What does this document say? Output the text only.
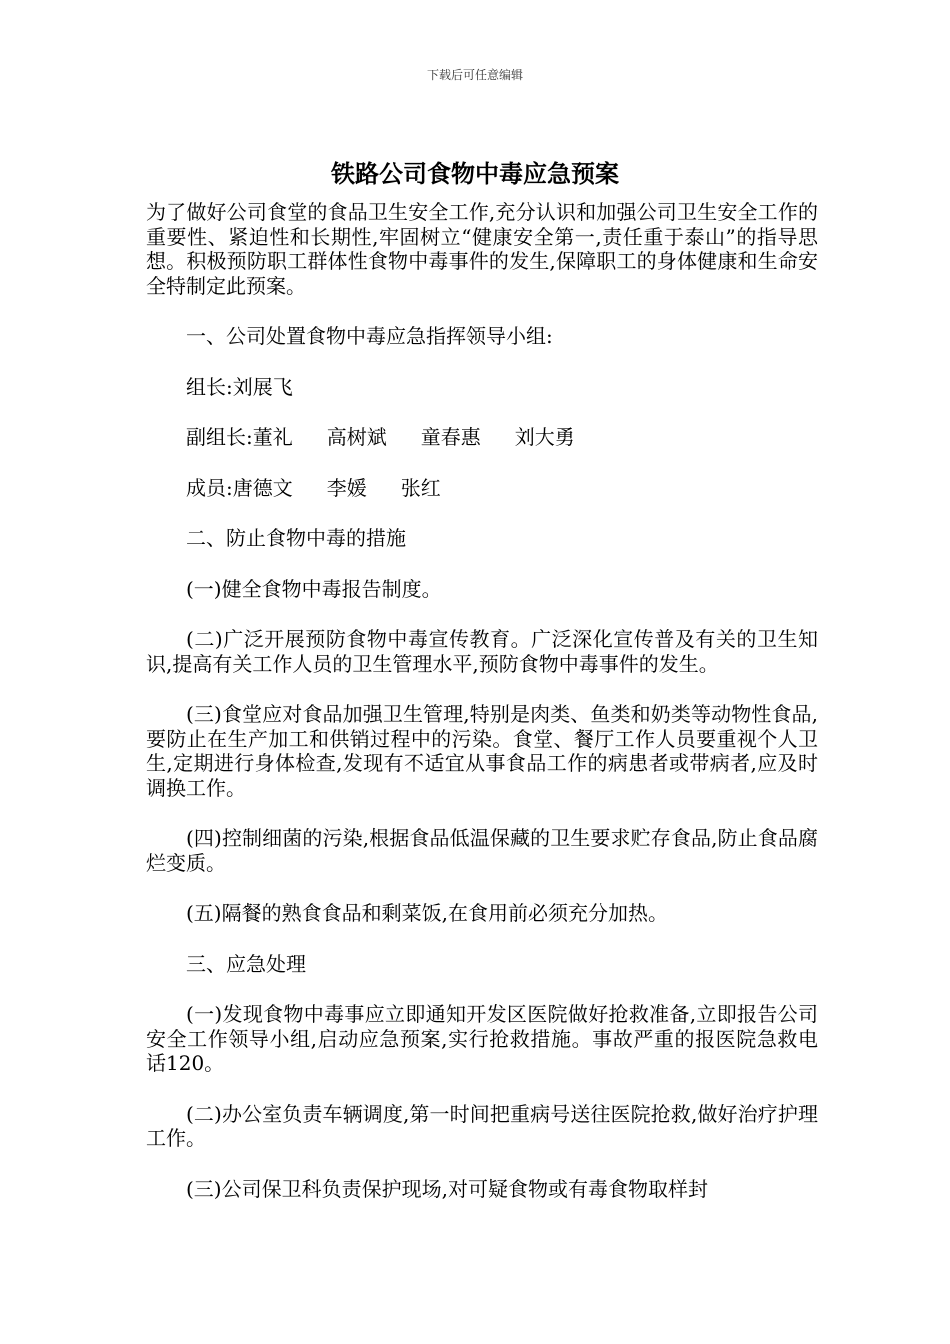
下载后可任意编辑
铁路公司食物中毒应急预案

为了做好公司食堂的食品卫生安全工作,充分认识和加强公司卫生安全工作的重要性、紧迫性和长期性,牢固树立“健康安全第一,责任重于泰山”的指导思想。积极预防职工群体性食物中毒事件的发生,保障职工的身体健康和生命安全特制定此预案。

一、公司处置食物中毒应急指挥领导小组:

组长:刘展飞

副组长:董礼 高树斌 童春惠 刘大勇

成员:唐德文 李媛 张红

二、防止食物中毒的措施

(一)健全食物中毒报告制度。

(二)广泛开展预防食物中毒宣传教育。广泛深化宣传普及有关的卫生知识,提高有关工作人员的卫生管理水平,预防食物中毒事件的发生。

(三)食堂应对食品加强卫生管理,特别是肉类、鱼类和奶类等动物性食品,要防止在生产加工和供销过程中的污染。食堂、餐厅工作人员要重视个人卫生,定期进行身体检查,发现有不适宜从事食品工作的病患者或带病者,应及时调换工作。

(四)控制细菌的污染,根据食品低温保藏的卫生要求贮存食品,防止食品腐烂变质。

(五)隔餐的熟食食品和剩菜饭,在食用前必须充分加热。

三、应急处理

(一)发现食物中毒事应立即通知开发区医院做好抢救准备,立即报告公司安全工作领导小组,启动应急预案,实行抢救措施。事故严重的报医院急救电话120。

(二)办公室负责车辆调度,第一时间把重病号送往医院抢救,做好治疗护理工作。

(三)公司保卫科负责保护现场,对可疑食物或有毒食物取样封
